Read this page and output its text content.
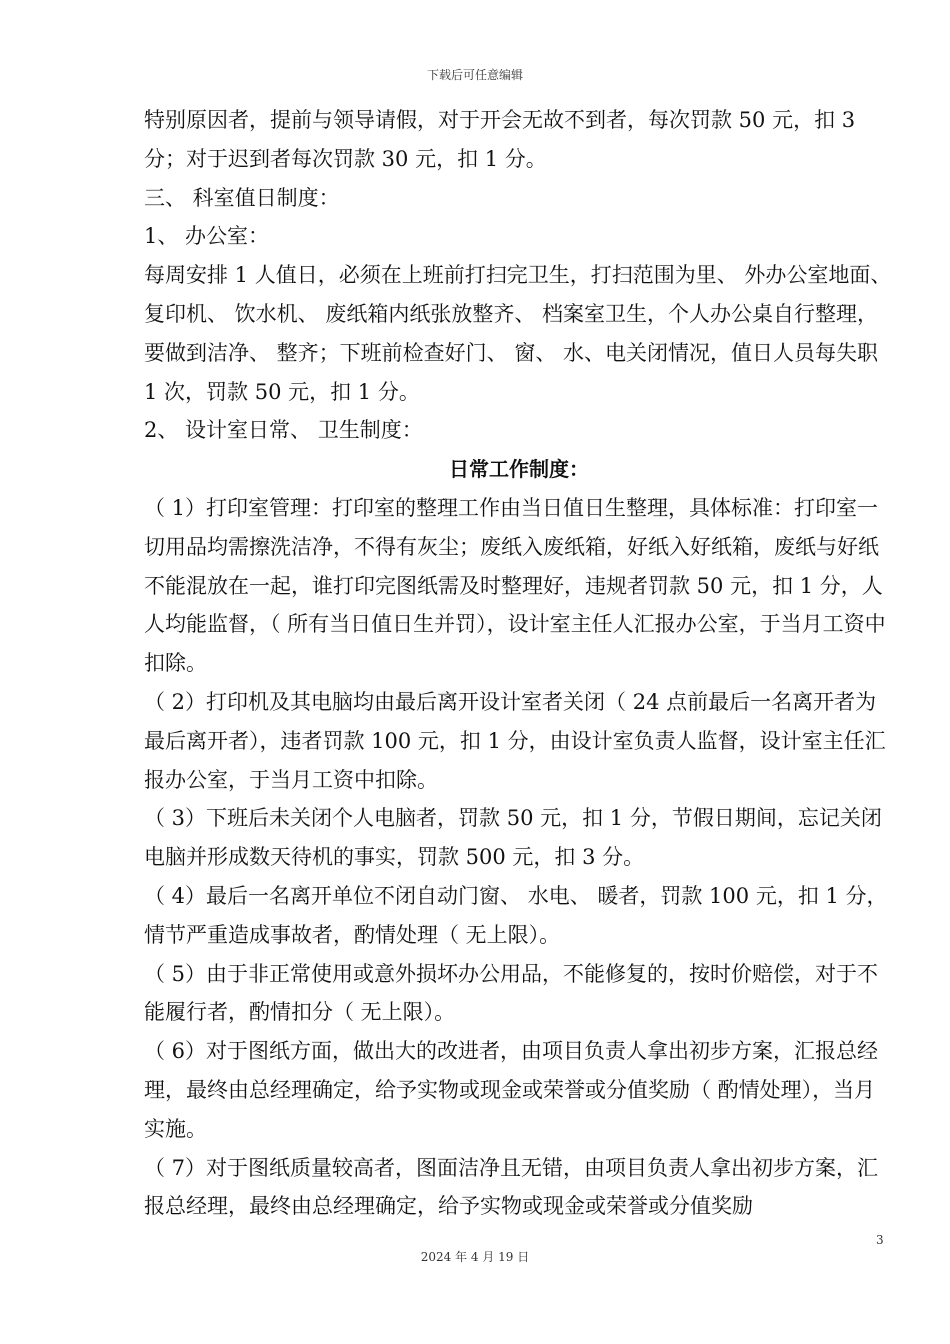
下载后可任意编辑

特别原因者，提前与领导请假，对于开会无故不到者，每次罚款 50 元，扣 3 分；对于迟到者每次罚款 30 元，扣 1 分。

三、 科室值日制度：

1、 办公室：

每周安排 1 人值日，必须在上班前打扫完卫生，打扫范围为里、 外办公室地面、 复印机、 饮水机、 废纸箱内纸张放整齐、 档案室卫生，个人办公桌自行整理，要做到洁净、 整齐；下班前检查好门、 窗、 水、电关闭情况，值日人员每失职 1 次，罚款 50 元，扣 1 分。

2、 设计室日常、 卫生制度：

日常工作制度：

（ 1）打印室管理：打印室的整理工作由当日值日生整理，具体标准：打印室一切用品均需擦洗洁净，不得有灰尘；废纸入废纸箱，好纸入好纸箱，废纸与好纸不能混放在一起，谁打印完图纸需及时整理好，违规者罚款 50 元，扣 1 分，人人均能监督，（ 所有当日值日生并罚），设计室主任人汇报办公室，于当月工资中扣除。

（ 2）打印机及其电脑均由最后离开设计室者关闭（ 24 点前最后一名离开者为最后离开者），违者罚款 100 元，扣 1 分，由设计室负责人监督，设计室主任汇报办公室，于当月工资中扣除。

（ 3）下班后未关闭个人电脑者，罚款 50 元，扣 1 分，节假日期间，忘记关闭电脑并形成数天待机的事实，罚款 500 元，扣 3 分。

（ 4）最后一名离开单位不闭自动门窗、 水电、 暖者，罚款 100 元，扣 1 分，情节严重造成事故者，酌情处理（ 无上限）。

（ 5）由于非正常使用或意外损坏办公用品，不能修复的，按时价赔偿，对于不能履行者，酌情扣分（ 无上限）。

（ 6）对于图纸方面，做出大的改进者，由项目负责人拿出初步方案，汇报总经理，最终由总经理确定，给予实物或现金或荣誉或分值奖励（ 酌情处理），当月实施。

（ 7）对于图纸质量较高者，图面洁净且无错，由项目负责人拿出初步方案，汇报总经理，最终由总经理确定，给予实物或现金或荣誉或分值奖励

3
2024 年 4 月 19 日
